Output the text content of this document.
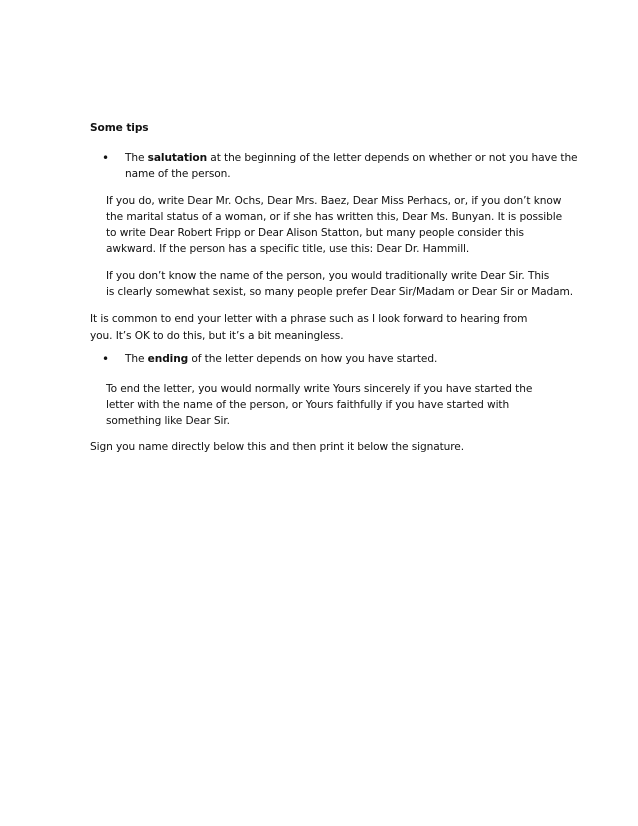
Some tips

• The salutation at the beginning of the letter depends on whether or not you have the

name of the person.

If you do, write Dear Mr. Ochs, Dear Mrs. Baez, Dear Miss Perhacs, or, if you don’t know

the marital status of a woman, or if she has written this, Dear Ms. Bunyan. It is possible

to write Dear Robert Fripp or Dear Alison Statton, but many people consider this

awkward. If the person has a specific title, use this: Dear Dr. Hammill.

If you don’t know the name of the person, you would traditionally write Dear Sir. This

is clearly somewhat sexist, so many people prefer Dear Sir/Madam or Dear Sir or Madam.

It is common to end your letter with a phrase such as I look forward to hearing from

you. It’s OK to do this, but it’s a bit meaningless.

• The ending of the letter depends on how you have started.

To end the letter, you would normally write Yours sincerely if you have started the

letter with the name of the person, or Yours faithfully if you have started with

something like Dear Sir.

Sign you name directly below this and then print it below the signature.
